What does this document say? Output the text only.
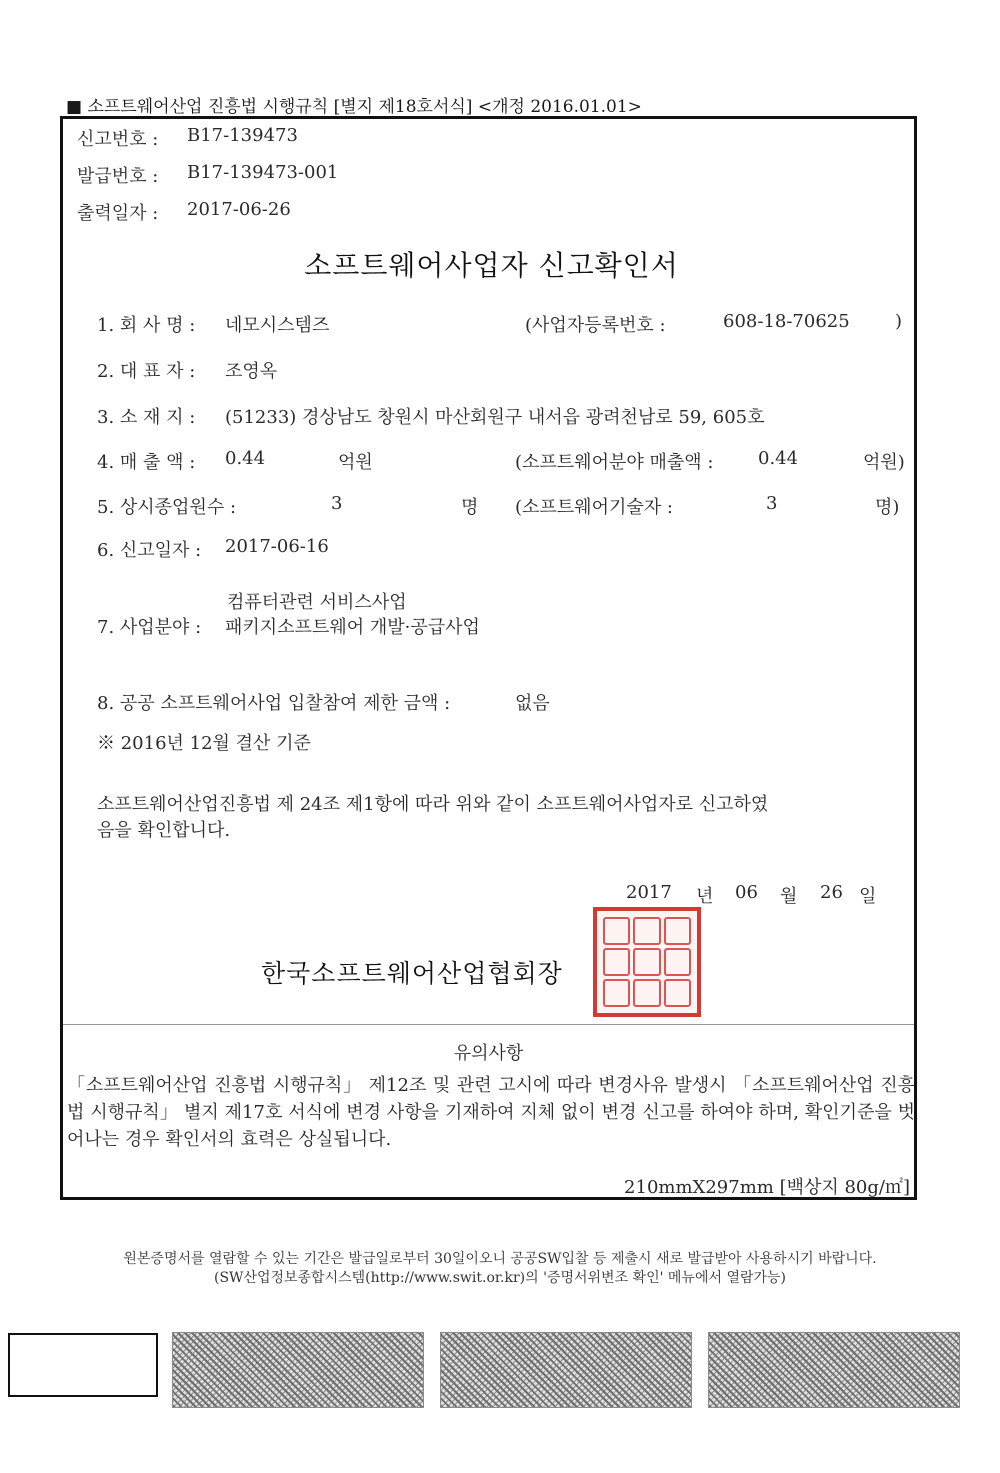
■ 소프트웨어산업 진흥법 시행규칙 [별지 제18호서식] <개정 2016.01.01>
신고번호 : B17-139473
발급번호 : B17-139473-001
출력일자 : 2017-06-26
소프트웨어사업자 신고확인서
1. 회 사 명 : 네모시스템즈	(사업자등록번호 :	608-18-70625	)
2. 대 표 자 : 조영옥
3. 소 재 지 : (51233) 경상남도 창원시 마산회원구 내서읍 광려천남로 59, 605호
4. 매 출 액 : 0.44	억원	(소프트웨어분야 매출액 : 0.44	억원)
5. 상시종업원수 :	3	명 (소프트웨어기술자 :	3	명)
6. 신고일자 : 2017-06-16
컴퓨터관련 서비스사업
7. 사업분야 : 패키지소프트웨어 개발·공급사업
8. 공공 소프트웨어사업 입찰참여 제한 금액 :	없음
※ 2016년 12월 결산 기준
소프트웨어산업진흥법 제 24조 제1항에 따라 위와 같이 소프트웨어사업자로 신고하였
음을 확인합니다.
2017 년 06 월 26 일
한국소프트웨어산업협회장
유의사항
「소프트웨어산업 진흥법 시행규칙」 제12조 및 관련 고시에 따라 변경사유 발생시 「소프트웨어산업 진흥법 시행규칙」 별지 제17호 서식에 변경 사항을 기재하여 지체 없이 변경 신고를 하여야 하며, 확인기준을 벗어나는 경우 확인서의 효력은 상실됩니다.
210mmX297mm [백상지 80g/㎡]
원본증명서를 열람할 수 있는 기간은 발급일로부터 30일이오니 공공SW입찰 등 제출시 새로 발급받아 사용하시기 바랍니다.
(SW산업정보종합시스템(http://www.swit.or.kr)의 '증명서위변조 확인' 메뉴에서 열람가능)
